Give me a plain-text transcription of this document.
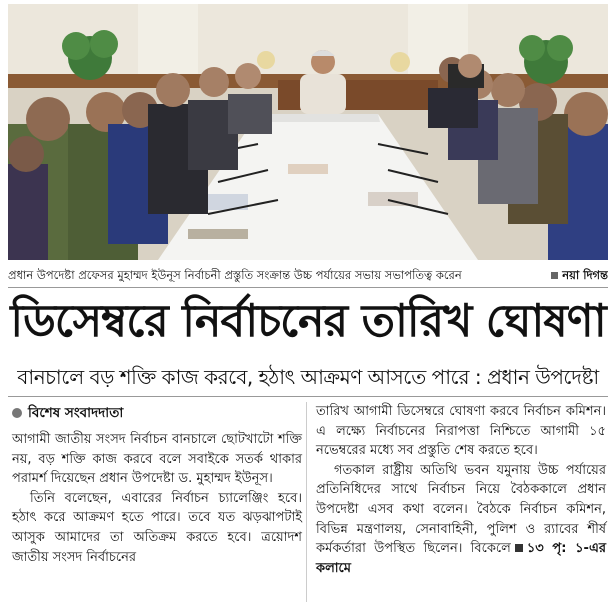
প্রধান উপদেষ্টা প্রফেসর মুহাম্মদ ইউনূস নির্বাচনী প্রস্তুতি সংক্রান্ত উচ্চ পর্যায়ের সভায় সভাপতিত্ব করেন	নয়া দিগন্ত
ডিসেম্বরে নির্বাচনের তারিখ ঘোষণা
বানচালে বড় শক্তি কাজ করবে, হঠাৎ আক্রমণ আসতে পারে : প্রধান উপদেষ্টা
বিশেষ সংবাদদাতা

আগামী জাতীয় সংসদ নির্বাচন বানচালে ছোটখাটো শক্তি নয়, বড় শক্তি কাজ করবে বলে সবাইকে সতর্ক থাকার পরামর্শ দিয়েছেন প্রধান উপদেষ্টা ড. মুহাম্মদ ইউনূস।

তিনি বলেছেন, এবারের নির্বাচন চ্যালেঞ্জিং হবে। হঠাৎ করে আক্রমণ হতে পারে। তবে যত ঝড়ঝাপটাই আসুক আমাদের তা অতিক্রম করতে হবে। ত্রয়োদশ জাতীয় সংসদ নির্বাচনের

তারিখ আগামী ডিসেম্বরে ঘোষণা করবে নির্বাচন কমিশন। এ লক্ষ্যে নির্বাচনের নিরাপত্তা নিশ্চিতে আগামী ১৫ নভেম্বরের মধ্যে সব প্রস্তুতি শেষ করতে হবে।

গতকাল রাষ্ট্রীয় অতিথি ভবন যমুনায় উচ্চ পর্যায়ের প্রতিনিধিদের সাথে নির্বাচন নিয়ে বৈঠককালে প্রধান উপদেষ্টা এসব কথা বলেন। বৈঠকে নির্বাচন কমিশন, বিভিন্ন মন্ত্রণালয়, সেনাবাহিনী, পুলিশ ও র‌্যাবের শীর্ষ কর্মকর্তারা উপস্থিত ছিলেন। বিকেলে ১৩ পৃ: ১-এর কলামে
